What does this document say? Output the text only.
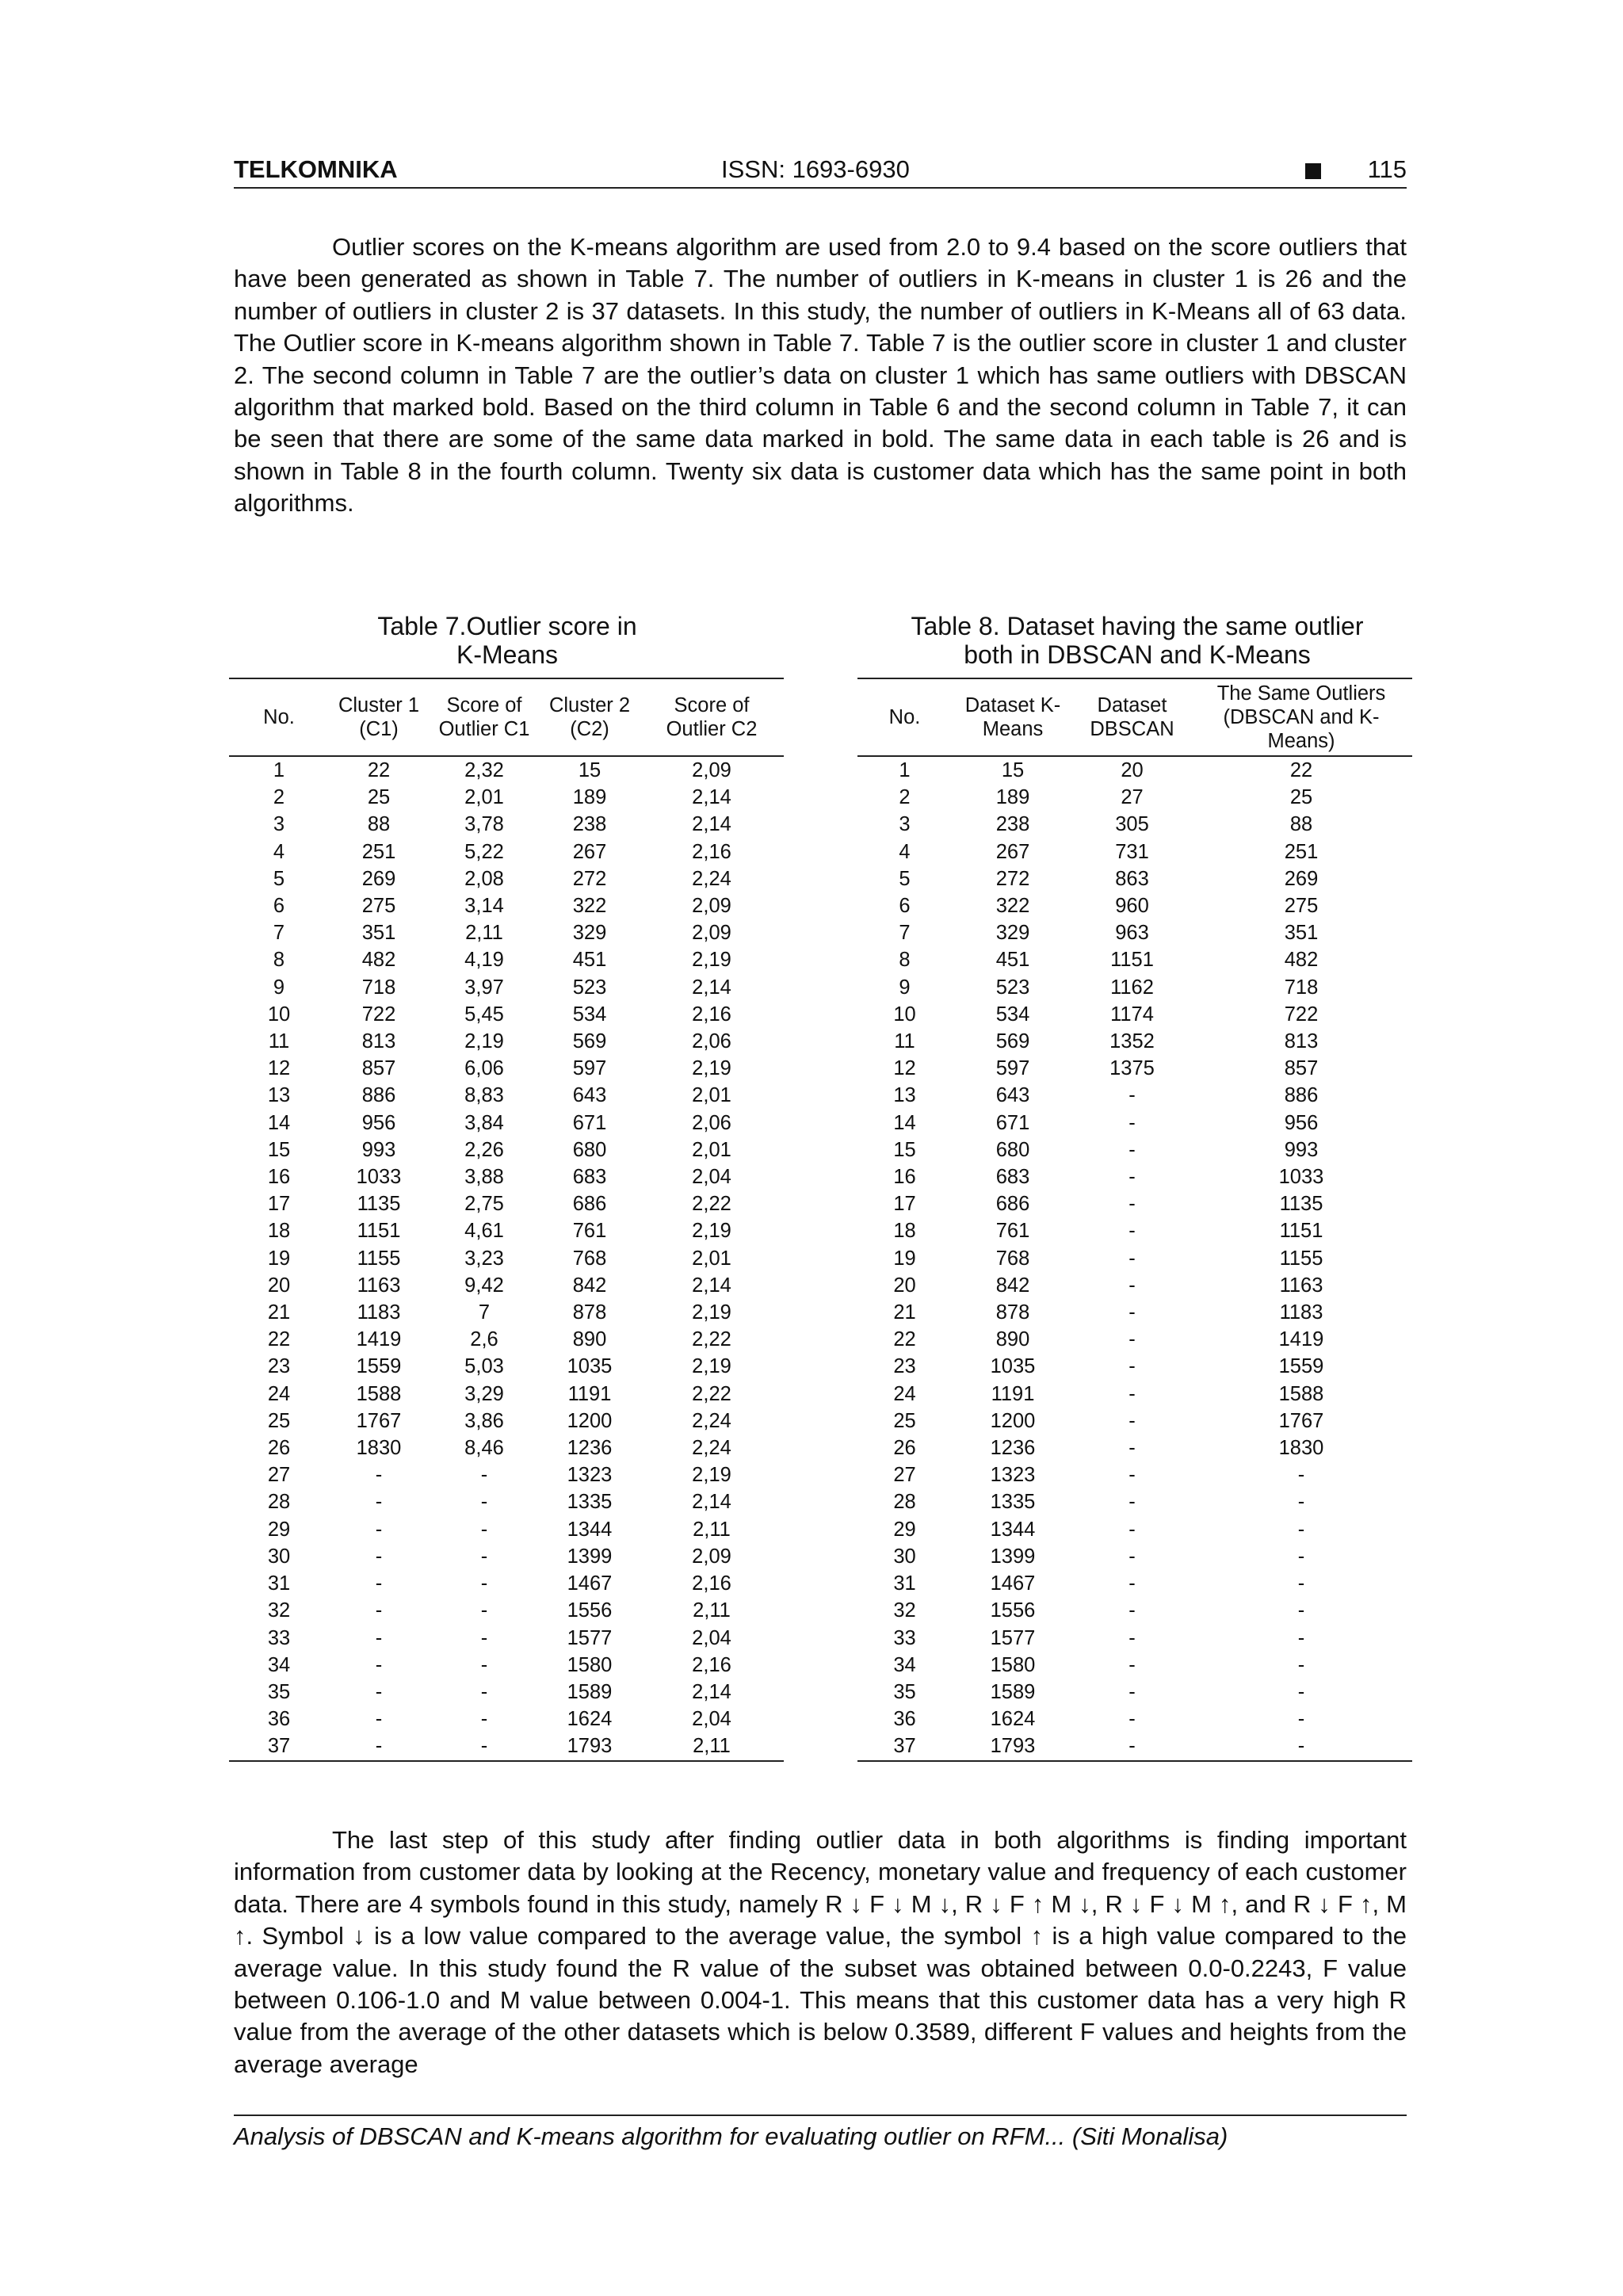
TELKOMNIKA	ISSN: 1693-6930	115

Outlier scores on the K-means algorithm are used from 2.0 to 9.4 based on the score outliers that have been generated as shown in Table 7. The number of outliers in K-means in cluster 1 is 26 and the number of outliers in cluster 2 is 37 datasets. In this study, the number of outliers in K-Means all of 63 data. The Outlier score in K-means algorithm shown in Table 7. Table 7 is the outlier score in cluster 1 and cluster 2. The second column in Table 7 are the outlier’s data on cluster 1 which has same outliers with DBSCAN algorithm that marked bold. Based on the third column in Table 6 and the second column in Table 7, it can be seen that there are some of the same data marked in bold. The same data in each table is 26 and is shown in Table 8 in the fourth column. Twenty six data is customer data which has the same point in both algorithms.

Table 7.Outlier score in
K-Means
Table 8. Dataset having the same outlier
both in DBSCAN and K-Means
No.	Cluster 1 (C1)	Score of Outlier C1	Cluster 2 (C2)	Score of Outlier C2
1	22	2,32	15	2,09
2	25	2,01	189	2,14
3	88	3,78	238	2,14
4	251	5,22	267	2,16
5	269	2,08	272	2,24
6	275	3,14	322	2,09
7	351	2,11	329	2,09
8	482	4,19	451	2,19
9	718	3,97	523	2,14
10	722	5,45	534	2,16
11	813	2,19	569	2,06
12	857	6,06	597	2,19
13	886	8,83	643	2,01
14	956	3,84	671	2,06
15	993	2,26	680	2,01
16	1033	3,88	683	2,04
17	1135	2,75	686	2,22
18	1151	4,61	761	2,19
19	1155	3,23	768	2,01
20	1163	9,42	842	2,14
21	1183	7	878	2,19
22	1419	2,6	890	2,22
23	1559	5,03	1035	2,19
24	1588	3,29	1191	2,22
25	1767	3,86	1200	2,24
26	1830	8,46	1236	2,24
27	-	-	1323	2,19
28	-	-	1335	2,14
29	-	-	1344	2,11
30	-	-	1399	2,09
31	-	-	1467	2,16
32	-	-	1556	2,11
33	-	-	1577	2,04
34	-	-	1580	2,16
35	-	-	1589	2,14
36	-	-	1624	2,04
37	-	-	1793	2,11
No.	Dataset K-Means	Dataset DBSCAN	The Same Outliers (DBSCAN and K-Means)
1	15	20	22
2	189	27	25
3	238	305	88
4	267	731	251
5	272	863	269
6	322	960	275
7	329	963	351
8	451	1151	482
9	523	1162	718
10	534	1174	722
11	569	1352	813
12	597	1375	857
13	643	-	886
14	671	-	956
15	680	-	993
16	683	-	1033
17	686	-	1135
18	761	-	1151
19	768	-	1155
20	842	-	1163
21	878	-	1183
22	890	-	1419
23	1035	-	1559
24	1191	-	1588
25	1200	-	1767
26	1236	-	1830
27	1323	-	-
28	1335	-	-
29	1344	-	-
30	1399	-	-
31	1467	-	-
32	1556	-	-
33	1577	-	-
34	1580	-	-
35	1589	-	-
36	1624	-	-
37	1793	-	-

The last step of this study after finding outlier data in both algorithms is finding important information from customer data by looking at the Recency, monetary value and frequency of each customer data. There are 4 symbols found in this study, namely R ↓ F ↓ M ↓, R ↓ F ↑ M ↓, R ↓ F ↓ M ↑, and R ↓ F ↑, M ↑. Symbol ↓ is a low value compared to the average value, the symbol ↑ is a high value compared to the average value. In this study found the R value of the subset was obtained between 0.0-0.2243, F value between 0.106-1.0 and M value between 0.004-1. This means that this customer data has a very high R value from the average of the other datasets which is below 0.3589, different F values and heights from the average average

Analysis of DBSCAN and K-means algorithm for evaluating outlier on RFM... (Siti Monalisa)
